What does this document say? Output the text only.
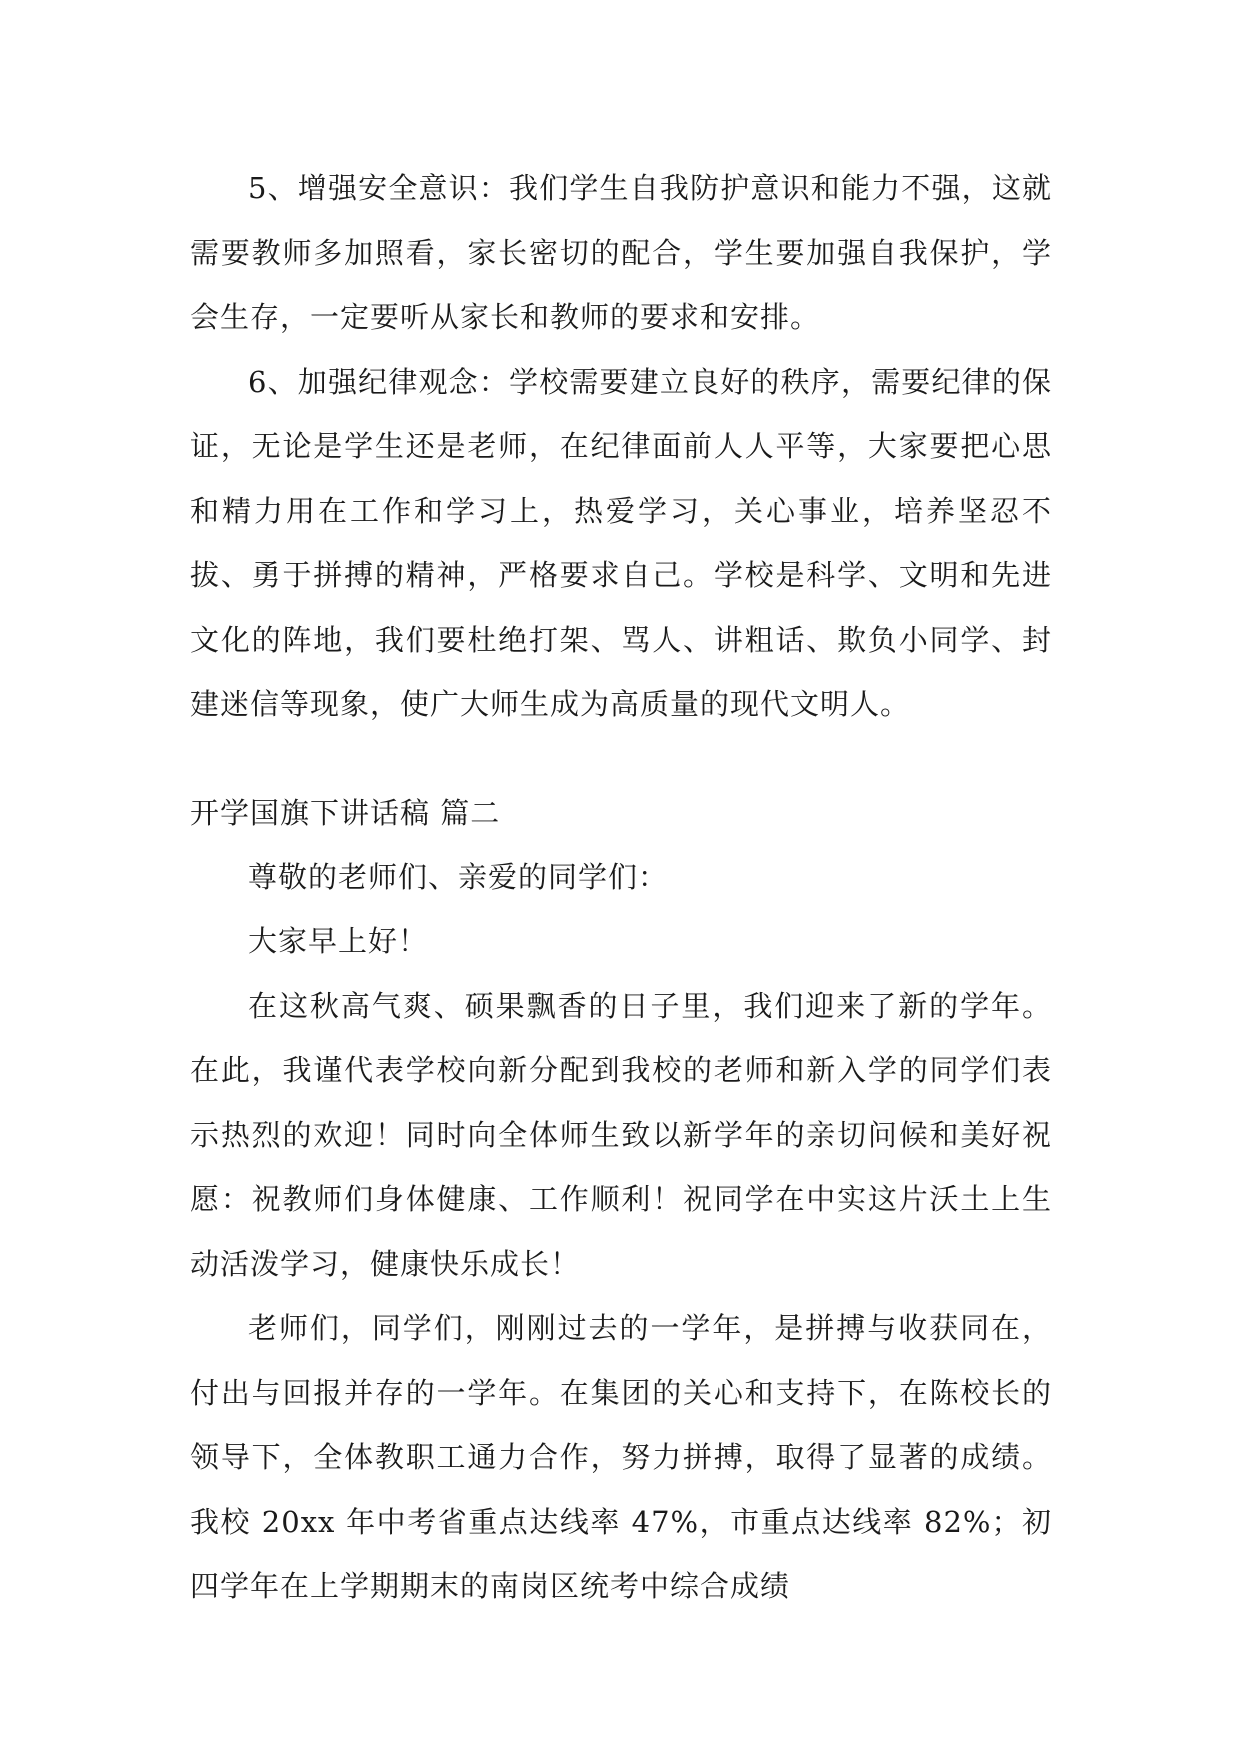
5、增强安全意识：我们学生自我防护意识和能力不强，这就需要教师多加照看，家长密切的配合，学生要加强自我保护，学会生存，一定要听从家长和教师的要求和安排。

6、加强纪律观念：学校需要建立良好的秩序，需要纪律的保证，无论是学生还是老师，在纪律面前人人平等，大家要把心思和精力用在工作和学习上，热爱学习，关心事业，培养坚忍不拔、勇于拼搏的精神，严格要求自己。学校是科学、文明和先进文化的阵地，我们要杜绝打架、骂人、讲粗话、欺负小同学、封建迷信等现象，使广大师生成为高质量的现代文明人。

开学国旗下讲话稿 篇二

尊敬的老师们、亲爱的同学们：

大家早上好！

在这秋高气爽、硕果飘香的日子里，我们迎来了新的学年。在此，我谨代表学校向新分配到我校的老师和新入学的同学们表示热烈的欢迎！同时向全体师生致以新学年的亲切问候和美好祝愿：祝教师们身体健康、工作顺利！祝同学在中实这片沃土上生动活泼学习，健康快乐成长！

老师们，同学们，刚刚过去的一学年，是拼搏与收获同在，付出与回报并存的一学年。在集团的关心和支持下，在陈校长的领导下，全体教职工通力合作，努力拼搏，取得了显著的成绩。我校 20xx 年中考省重点达线率 47%，市重点达线率 82%；初四学年在上学期期末的南岗区统考中综合成绩
